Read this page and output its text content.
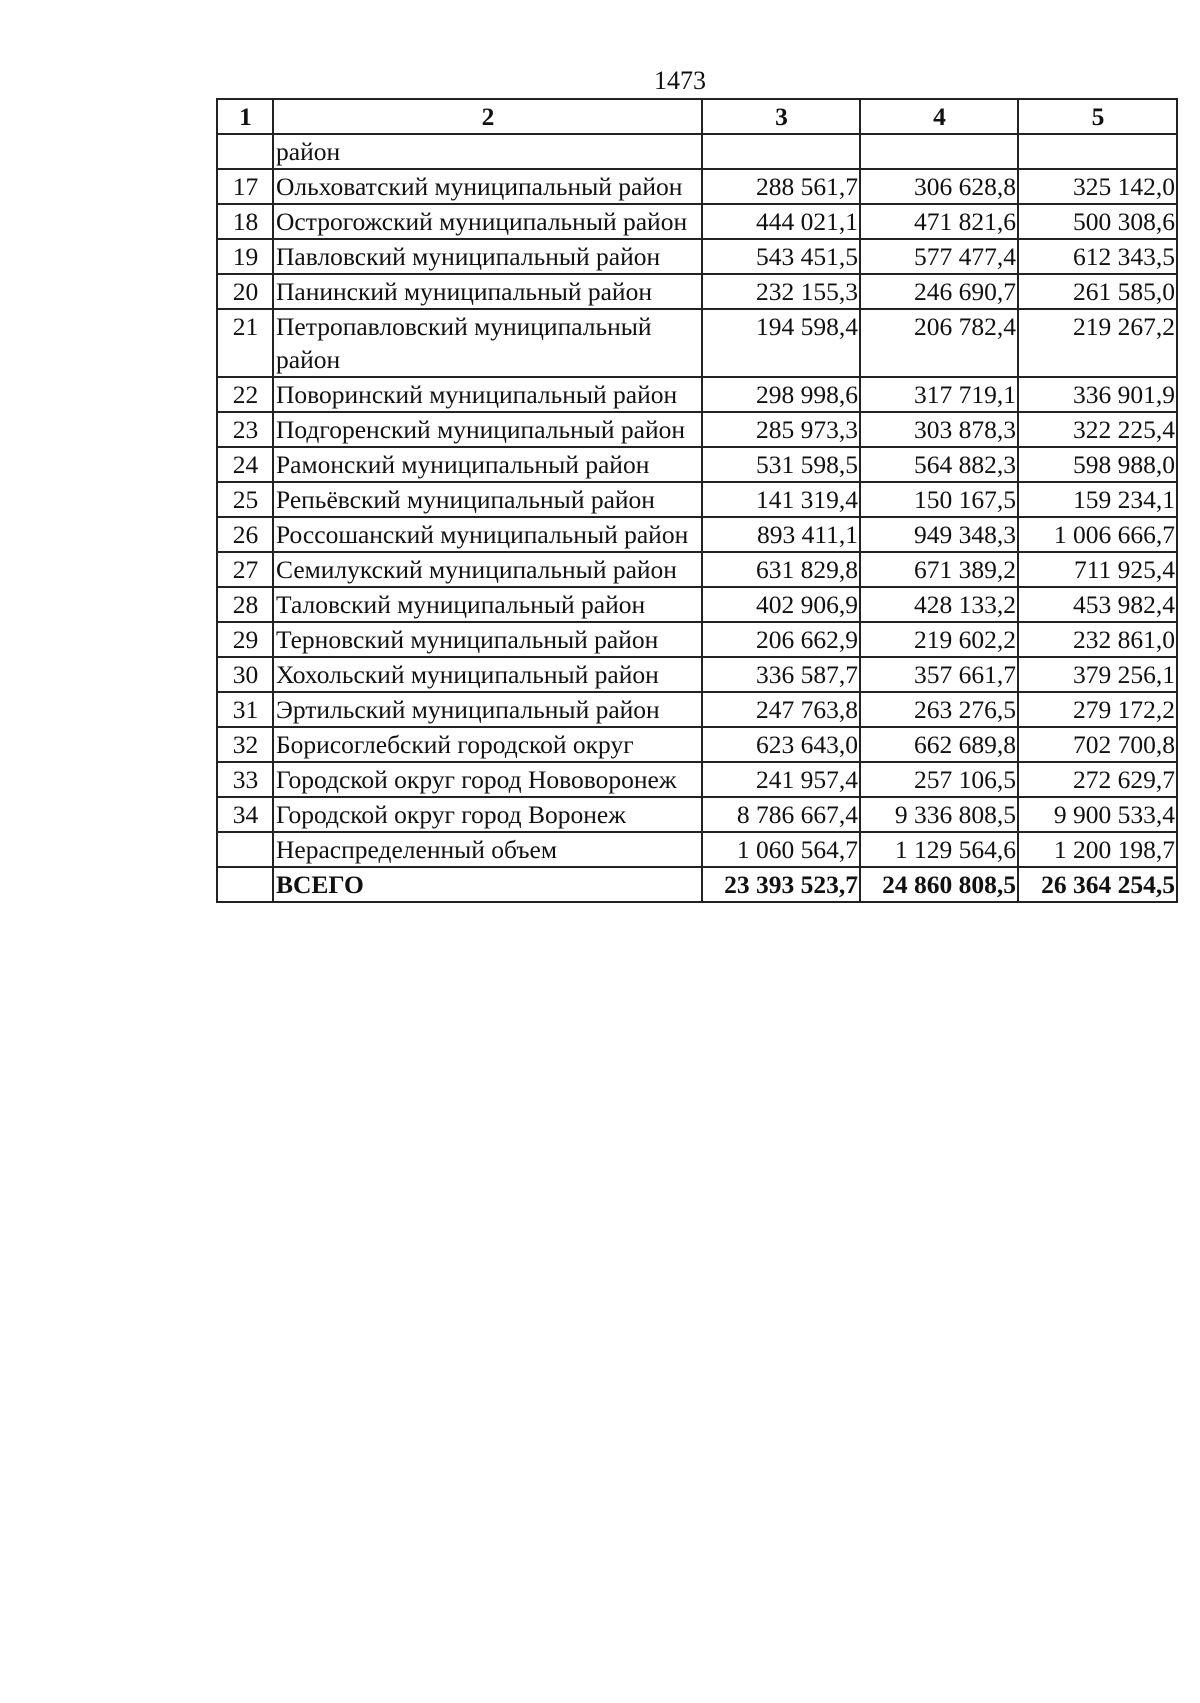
1473
1	2	3	4	5
	район			
17	Ольховатский муниципальный район	288 561,7	306 628,8	325 142,0
18	Острогожский муниципальный район	444 021,1	471 821,6	500 308,6
19	Павловский муниципальный район	543 451,5	577 477,4	612 343,5
20	Панинский муниципальный район	232 155,3	246 690,7	261 585,0
21	Петропавловский муниципальный район	194 598,4	206 782,4	219 267,2
22	Поворинский муниципальный район	298 998,6	317 719,1	336 901,9
23	Подгоренский муниципальный район	285 973,3	303 878,3	322 225,4
24	Рамонский муниципальный район	531 598,5	564 882,3	598 988,0
25	Репьёвский муниципальный район	141 319,4	150 167,5	159 234,1
26	Россошанский муниципальный район	893 411,1	949 348,3	1 006 666,7
27	Семилукский муниципальный район	631 829,8	671 389,2	711 925,4
28	Таловский муниципальный район	402 906,9	428 133,2	453 982,4
29	Терновский муниципальный район	206 662,9	219 602,2	232 861,0
30	Хохольский муниципальный район	336 587,7	357 661,7	379 256,1
31	Эртильский муниципальный район	247 763,8	263 276,5	279 172,2
32	Борисоглебский городской округ	623 643,0	662 689,8	702 700,8
33	Городской округ город Нововоронеж	241 957,4	257 106,5	272 629,7
34	Городской округ город Воронеж	8 786 667,4	9 336 808,5	9 900 533,4
	Нераспределенный объем	1 060 564,7	1 129 564,6	1 200 198,7
	ВСЕГО	23 393 523,7	24 860 808,5	26 364 254,5
